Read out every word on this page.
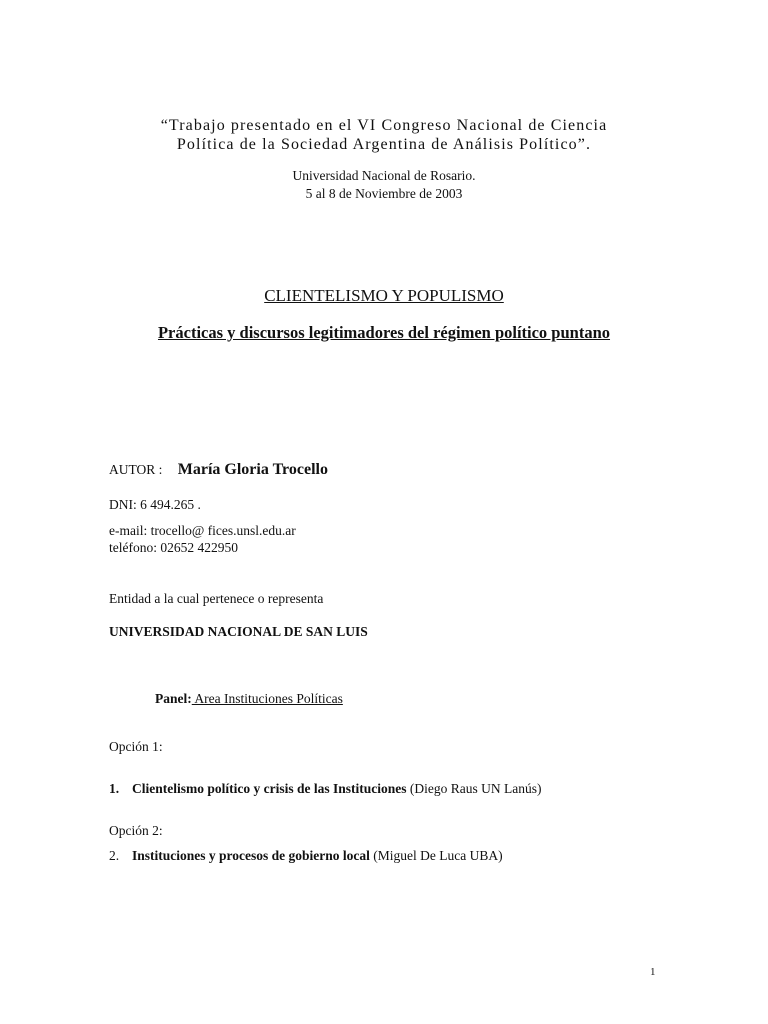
“Trabajo presentado en el VI Congreso Nacional de Ciencia
Política de la Sociedad Argentina de Análisis Político”.
Universidad Nacional de Rosario.
5 al 8 de Noviembre de 2003
CLIENTELISMO Y POPULISMO
Prácticas y discursos legitimadores del régimen político puntano
AUTOR : María Gloria Trocello
DNI: 6 494.265 .
e-mail: trocello@ fices.unsl.edu.ar
teléfono: 02652 422950
Entidad a la cual pertenece o representa
UNIVERSIDAD NACIONAL DE SAN LUIS
Panel: Area Instituciones Políticas
Opción 1:
1. Clientelismo político y crisis de las Instituciones (Diego Raus UN Lanús)
Opción 2:
2. Instituciones y procesos de gobierno local (Miguel De Luca UBA)
1
